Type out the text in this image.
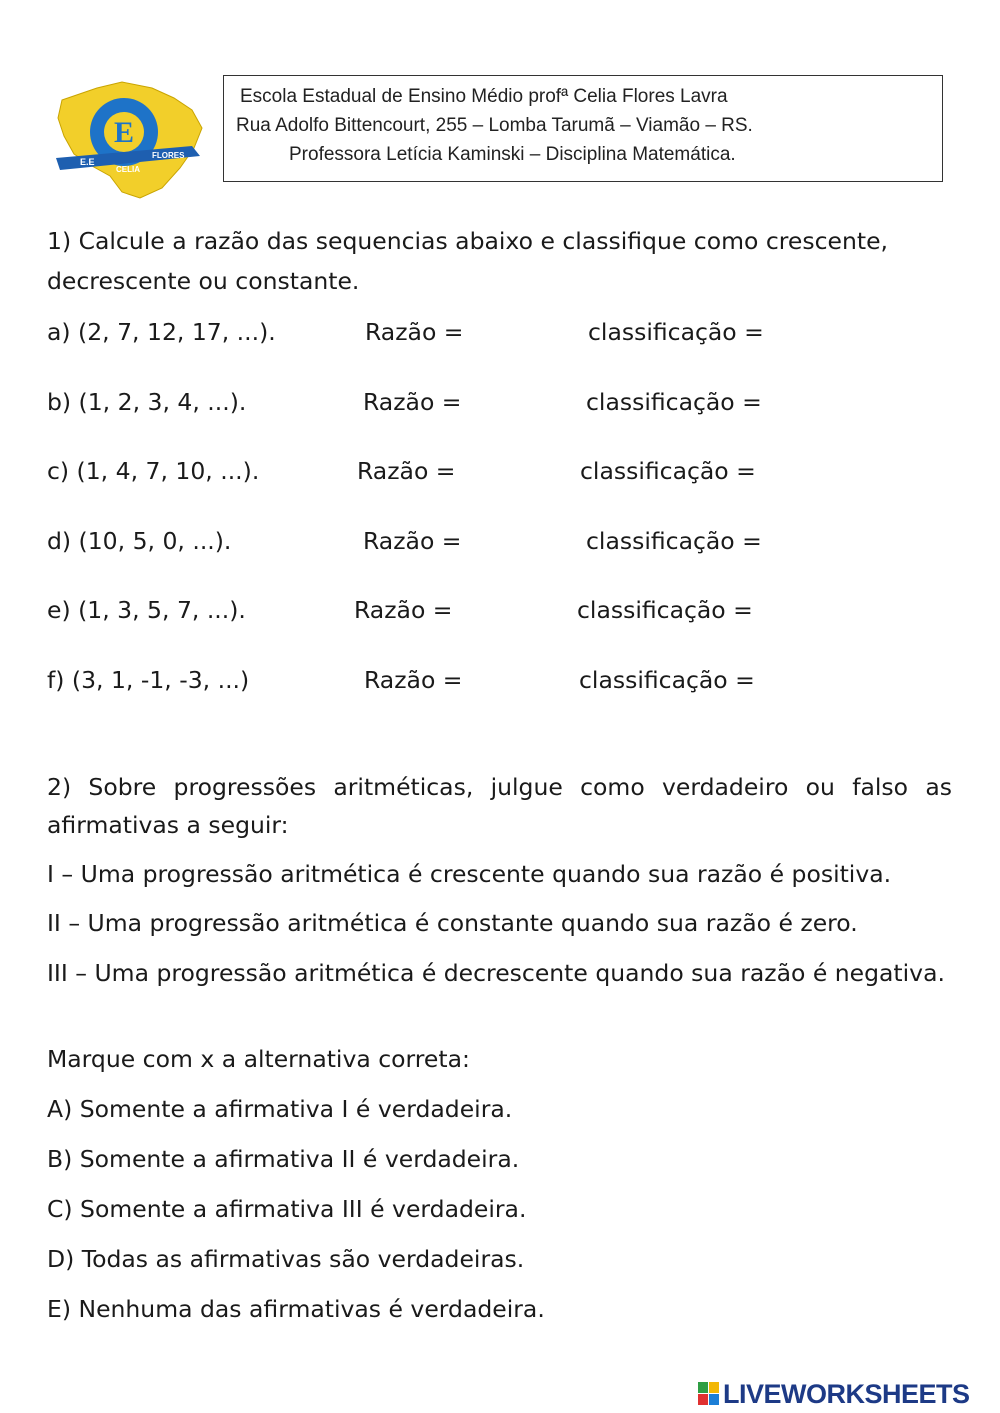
E
E.E
CELIA
FLORES
Escola Estadual de Ensino Médio profª Celia Flores Lavra
Rua Adolfo Bittencourt, 255 – Lomba Tarumã – Viamão – RS.
Professora Letícia Kaminski – Disciplina Matemática.
1) Calcule a razão das sequencias abaixo e classifique como crescente, decrescente ou constante.
a) (2, 7, 12, 17, ...).	Razão =	classificação =
b) (1, 2, 3, 4, ...).	Razão =	classificação =
c) (1, 4, 7, 10, ...).	Razão =	classificação =
d) (10, 5, 0, ...).	Razão =	classificação =
e) (1, 3, 5, 7, ...).	Razão =	classificação =
f) (3, 1, -1, -3, ...)	Razão =	classificação =
2) Sobre progressões aritméticas, julgue como verdadeiro ou falso as afirmativas a seguir:
I – Uma progressão aritmética é crescente quando sua razão é positiva.
II – Uma progressão aritmética é constante quando sua razão é zero.
III – Uma progressão aritmética é decrescente quando sua razão é negativa.
Marque com x a alternativa correta:
A) Somente a afirmativa I é verdadeira.
B) Somente a afirmativa II é verdadeira.
C) Somente a afirmativa III é verdadeira.
D) Todas as afirmativas são verdadeiras.
E) Nenhuma das afirmativas é verdadeira.
LIVEWORKSHEETS
